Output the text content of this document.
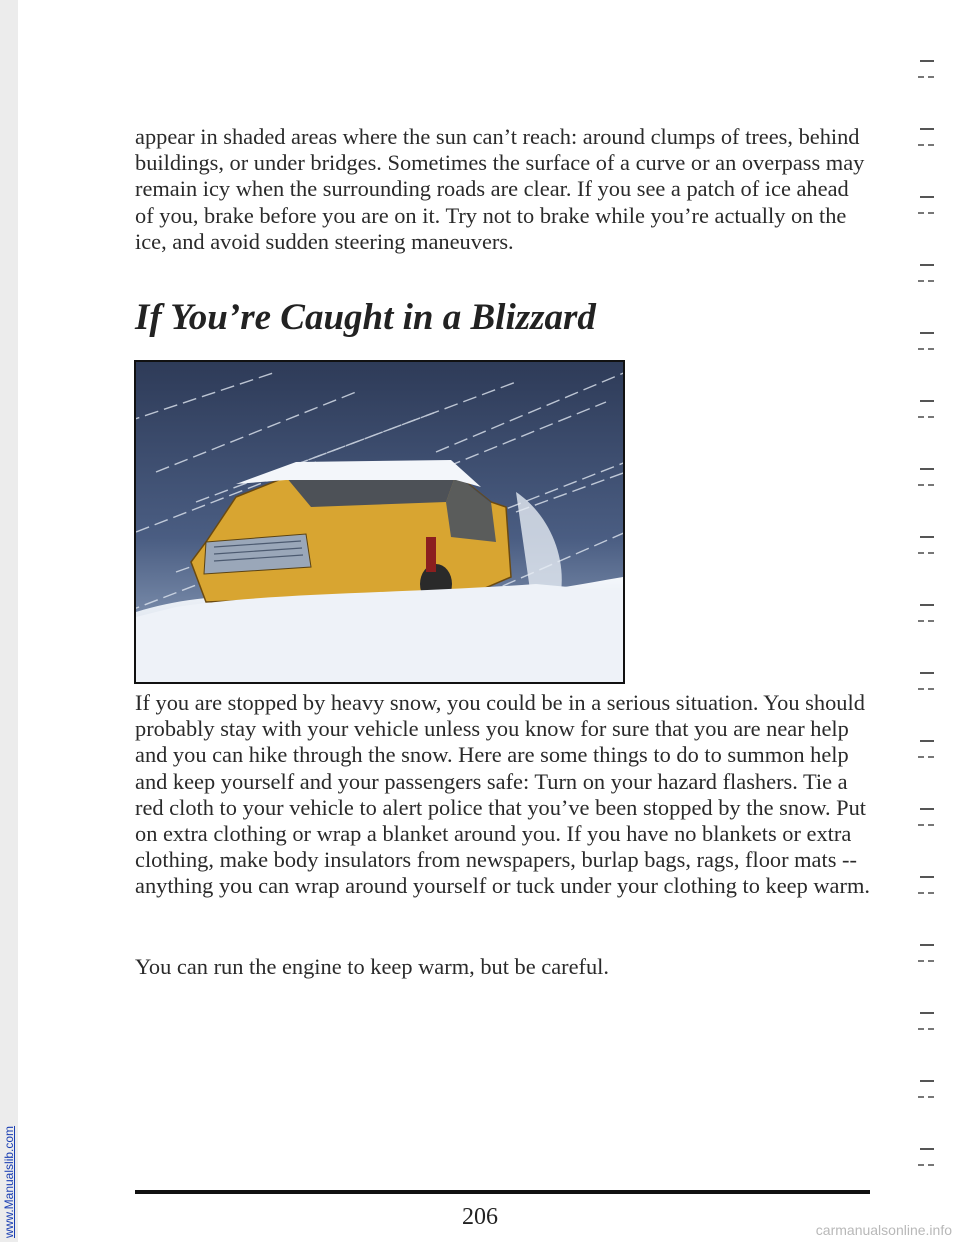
www.Manualslib.com

appear in shaded areas where the sun can’t reach: around clumps of trees, behind buildings, or under bridges. Sometimes the surface of a curve or an overpass may remain icy when the surrounding roads are clear. If you see a patch of ice ahead of you, brake before you are on it. Try not to brake while you’re actually on the ice, and avoid sudden steering maneuvers.

If You’re Caught in a Blizzard

If you are stopped by heavy snow, you could be in a serious situation. You should probably stay with your vehicle unless you know for sure that you are near help and you can hike through the snow. Here are some things to do to summon help and keep yourself and your passengers safe: Turn on your hazard flashers. Tie a red cloth to your vehicle to alert police that you’ve been stopped by the snow. Put on extra clothing or wrap a blanket around you. If you have no blankets or extra clothing, make body insulators from newspapers, burlap bags, rags, floor mats -- anything you can wrap around yourself or tuck under your clothing to keep warm.

You can run the engine to keep warm, but be careful.

206	carmanualsonline.info
